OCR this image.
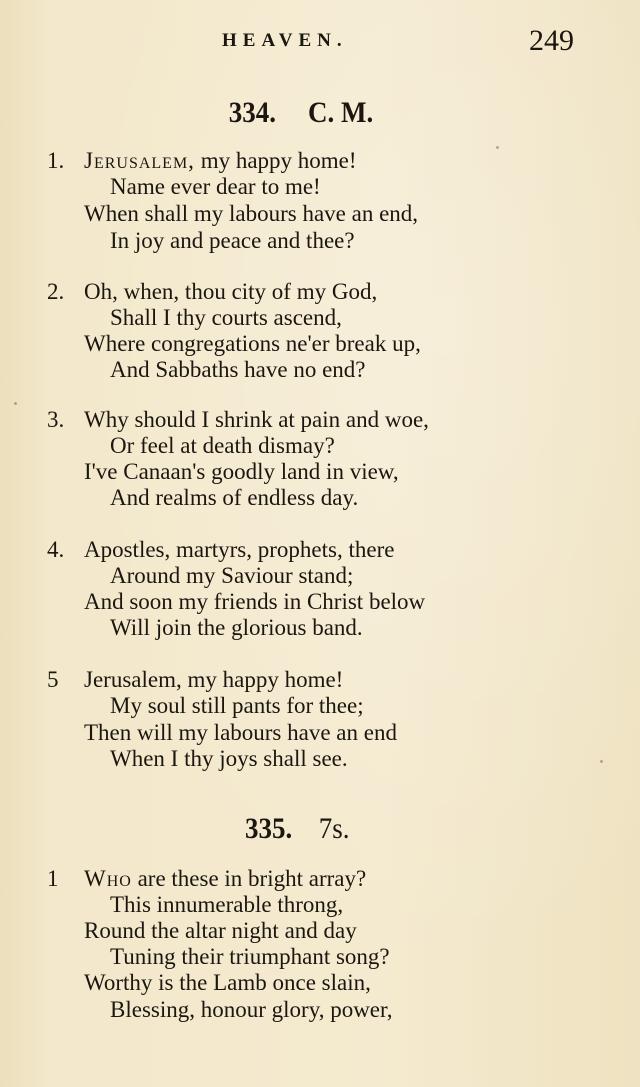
HEAVEN.	249
334. C. M.
1. Jerusalem, my happy home!
Name ever dear to me!
When shall my labours have an end,
In joy and peace and thee?
2. Oh, when, thou city of my God,
Shall I thy courts ascend,
Where congregations ne'er break up,
And Sabbaths have no end?
3. Why should I shrink at pain and woe,
Or feel at death dismay?
I've Canaan's goodly land in view,
And realms of endless day.
4. Apostles, martyrs, prophets, there
Around my Saviour stand;
And soon my friends in Christ below
Will join the glorious band.
5 Jerusalem, my happy home!
My soul still pants for thee;
Then will my labours have an end
When I thy joys shall see.
335. 7s.
1 Who are these in bright array?
This innumerable throng,
Round the altar night and day
Tuning their triumphant song?
Worthy is the Lamb once slain,
Blessing, honour glory, power,
